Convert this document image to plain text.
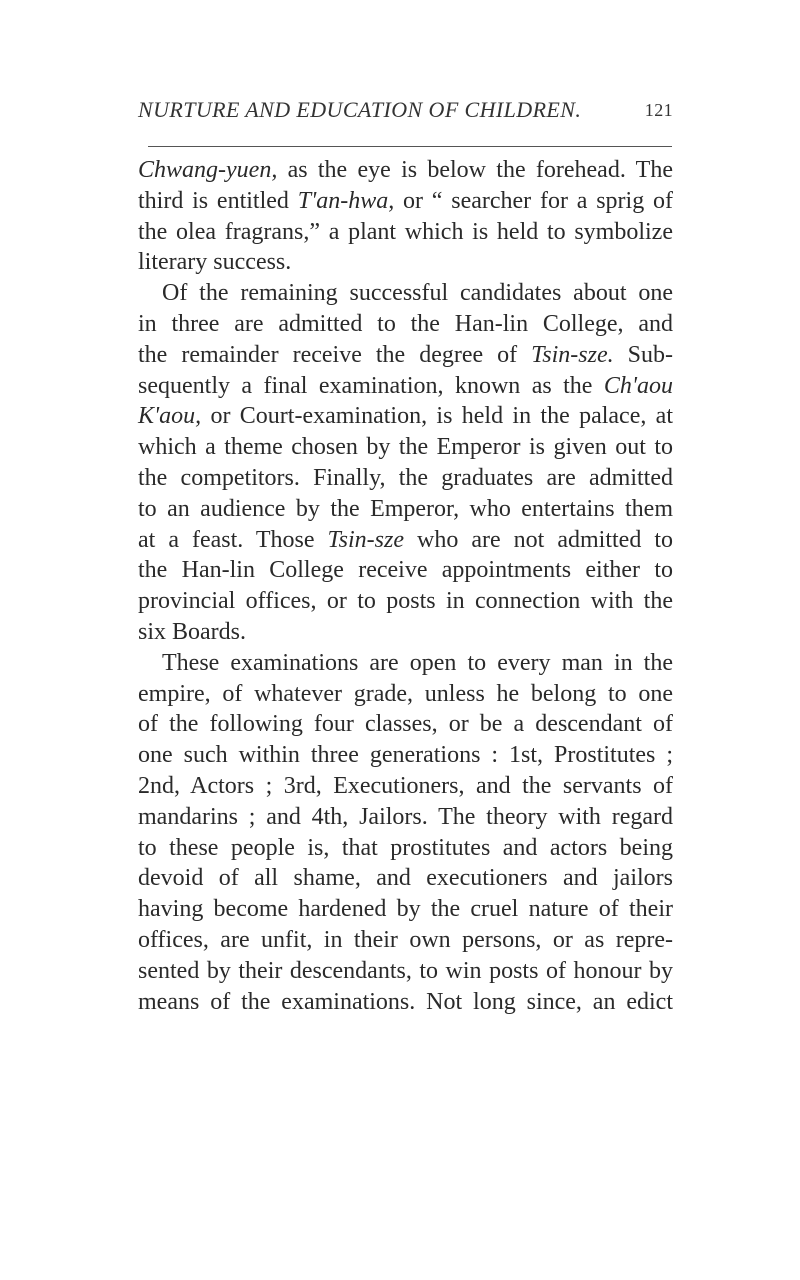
NURTURE AND EDUCATION OF CHILDREN.	121
Chwang-yuen, as the eye is below the forehead. The
third is entitled T'an-hwa, or “ searcher for a sprig of
the olea fragrans,” a plant which is held to symbolize
literary success.
Of the remaining successful candidates about one
in three are admitted to the Han-lin College, and
the remainder receive the degree of Tsin-sze. Sub-
sequently a final examination, known as the Ch'aou
K'aou, or Court-examination, is held in the palace, at
which a theme chosen by the Emperor is given out to
the competitors. Finally, the graduates are admitted
to an audience by the Emperor, who entertains them
at a feast. Those Tsin-sze who are not admitted to
the Han-lin College receive appointments either to
provincial offices, or to posts in connection with the
six Boards.
These examinations are open to every man in the
empire, of whatever grade, unless he belong to one
of the following four classes, or be a descendant of
one such within three generations : 1st, Prostitutes ;
2nd, Actors ; 3rd, Executioners, and the servants of
mandarins ; and 4th, Jailors. The theory with regard
to these people is, that prostitutes and actors being
devoid of all shame, and executioners and jailors
having become hardened by the cruel nature of their
offices, are unfit, in their own persons, or as repre-
sented by their descendants, to win posts of honour by
means of the examinations. Not long since, an edict
